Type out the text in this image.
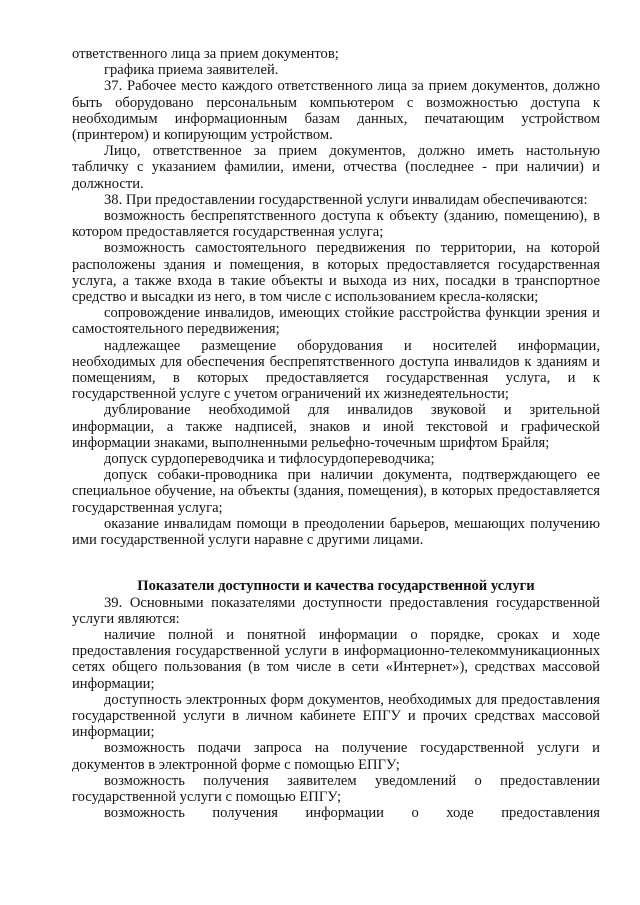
ответственного лица за прием документов;

графика приема заявителей.

37. Рабочее место каждого ответственного лица за прием документов, должно быть оборудовано персональным компьютером с возможностью доступа к необходимым информационным базам данных, печатающим устройством (принтером) и копирующим устройством.

Лицо, ответственное за прием документов, должно иметь настольную табличку с указанием фамилии, имени, отчества (последнее - при наличии) и должности.

38. При предоставлении государственной услуги инвалидам обеспечиваются:

возможность беспрепятственного доступа к объекту (зданию, помещению), в котором предоставляется государственная услуга;

возможность самостоятельного передвижения по территории, на которой расположены здания и помещения, в которых предоставляется государственная услуга, а также входа в такие объекты и выхода из них, посадки в транспортное средство и высадки из него, в том числе с использованием кресла-коляски;

сопровождение инвалидов, имеющих стойкие расстройства функции зрения и самостоятельного передвижения;

надлежащее размещение оборудования и носителей информации, необходимых для обеспечения беспрепятственного доступа инвалидов к зданиям и помещениям, в которых предоставляется государственная услуга, и к государственной услуге с учетом ограничений их жизнедеятельности;

дублирование необходимой для инвалидов звуковой и зрительной информации, а также надписей, знаков и иной текстовой и графической информации знаками, выполненными рельефно-точечным шрифтом Брайля;

допуск сурдопереводчика и тифлосурдопереводчика;

допуск собаки-проводника при наличии документа, подтверждающего ее специальное обучение, на объекты (здания, помещения), в которых предоставляется государственная услуга;

оказание инвалидам помощи в преодолении барьеров, мешающих получению ими государственной услуги наравне с другими лицами.

Показатели доступности и качества государственной услуги

39. Основными показателями доступности предоставления государственной услуги являются:

наличие полной и понятной информации о порядке, сроках и ходе предоставления государственной услуги в информационно-телекоммуникационных сетях общего пользования (в том числе в сети «Интернет»), средствах массовой информации;

доступность электронных форм документов, необходимых для предоставления государственной услуги в личном кабинете ЕПГУ и прочих средствах массовой информации;

возможность подачи запроса на получение государственной услуги и документов в электронной форме с помощью ЕПГУ;

возможность получения заявителем уведомлений о предоставлении государственной услуги с помощью ЕПГУ;

возможность получения информации о ходе предоставления
